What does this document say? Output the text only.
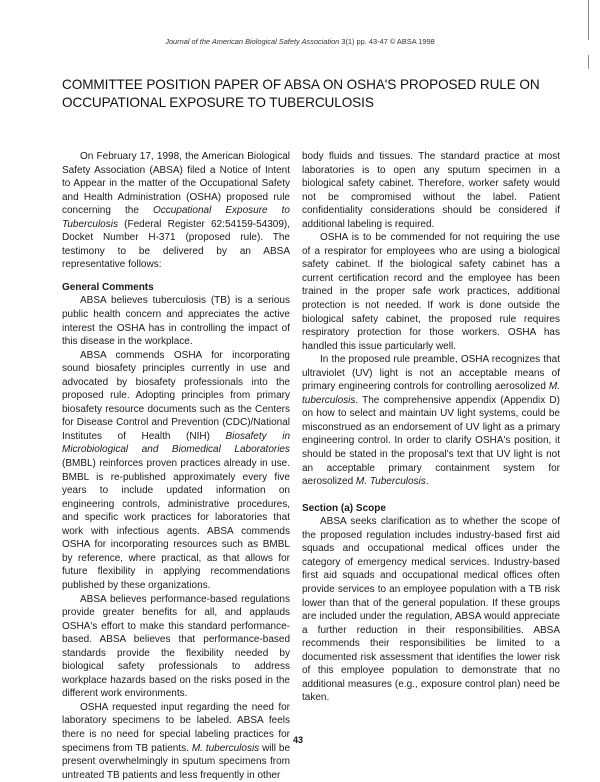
Journal of the American Biological Safety Association 3(1) pp. 43-47 © ABSA 1998
COMMITTEE POSITION PAPER OF ABSA ON OSHA'S PROPOSED RULE ON
OCCUPATIONAL EXPOSURE TO TUBERCULOSIS

On February 17, 1998, the American Biological Safety Association (ABSA) filed a Notice of Intent to Appear in the matter of the Occupational Safety and Health Administration (OSHA) proposed rule concerning the Occupational Exposure to Tuberculosis (Federal Register 62:54159-54309), Docket Number H-371 (proposed rule). The testimony to be delivered by an ABSA representative follows:

General Comments

ABSA believes tuberculosis (TB) is a serious public health concern and appreciates the active interest the OSHA has in controlling the impact of this disease in the workplace.

ABSA commends OSHA for incorporating sound biosafety principles currently in use and advocated by biosafety professionals into the proposed rule. Adopting principles from primary biosafety resource documents such as the Centers for Disease Control and Prevention (CDC)/National Institutes of Health (NIH) Biosafety in Microbiological and Biomedical Laboratories (BMBL) reinforces proven practices already in use. BMBL is re-published approximately every five years to include updated information on engineering controls, administrative procedures, and specific work practices for laboratories that work with infectious agents. ABSA commends OSHA for incorporating resources such as BMBL by reference, where practical, as that allows for future flexibility in applying recommendations published by these organizations.

ABSA believes performance-based regulations provide greater benefits for all, and applauds OSHA's effort to make this standard performance-based. ABSA believes that performance-based standards provide the flexibility needed by biological safety professionals to address workplace hazards based on the risks posed in the different work environments.

OSHA requested input regarding the need for laboratory specimens to be labeled. ABSA feels there is no need for special labeling practices for specimens from TB patients. M. tuberculosis will be present overwhelmingly in sputum specimens from untreated TB patients and less frequently in other

body fluids and tissues. The standard practice at most laboratories is to open any sputum specimen in a biological safety cabinet. Therefore, worker safety would not be compromised without the label. Patient confidentiality considerations should be considered if additional labeling is required.

OSHA is to be commended for not requiring the use of a respirator for employees who are using a biological safety cabinet. If the biological safety cabinet has a current certification record and the employee has been trained in the proper safe work practices, additional protection is not needed. If work is done outside the biological safety cabinet, the proposed rule requires respiratory protection for those workers. OSHA has handled this issue particularly well.

In the proposed rule preamble, OSHA recognizes that ultraviolet (UV) light is not an acceptable means of primary engineering controls for controlling aerosolized M. tuberculosis. The comprehensive appendix (Appendix D) on how to select and maintain UV light systems, could be misconstrued as an endorsement of UV light as a primary engineering control. In order to clarify OSHA's position, it should be stated in the proposal's text that UV light is not an acceptable primary containment system for aerosolized M. Tuberculosis.

Section (a) Scope

ABSA seeks clarification as to whether the scope of the proposed regulation includes industry-based first aid squads and occupational medical offices under the category of emergency medical services. Industry-based first aid squads and occupational medical offices often provide services to an employee population with a TB risk lower than that of the general population. If these groups are included under the regulation, ABSA would appreciate a further reduction in their responsibilities. ABSA recommends their responsibilities be limited to a documented risk assessment that identifies the lower risk of this employee population to demonstrate that no additional measures (e.g., exposure control plan) need be taken.

43
